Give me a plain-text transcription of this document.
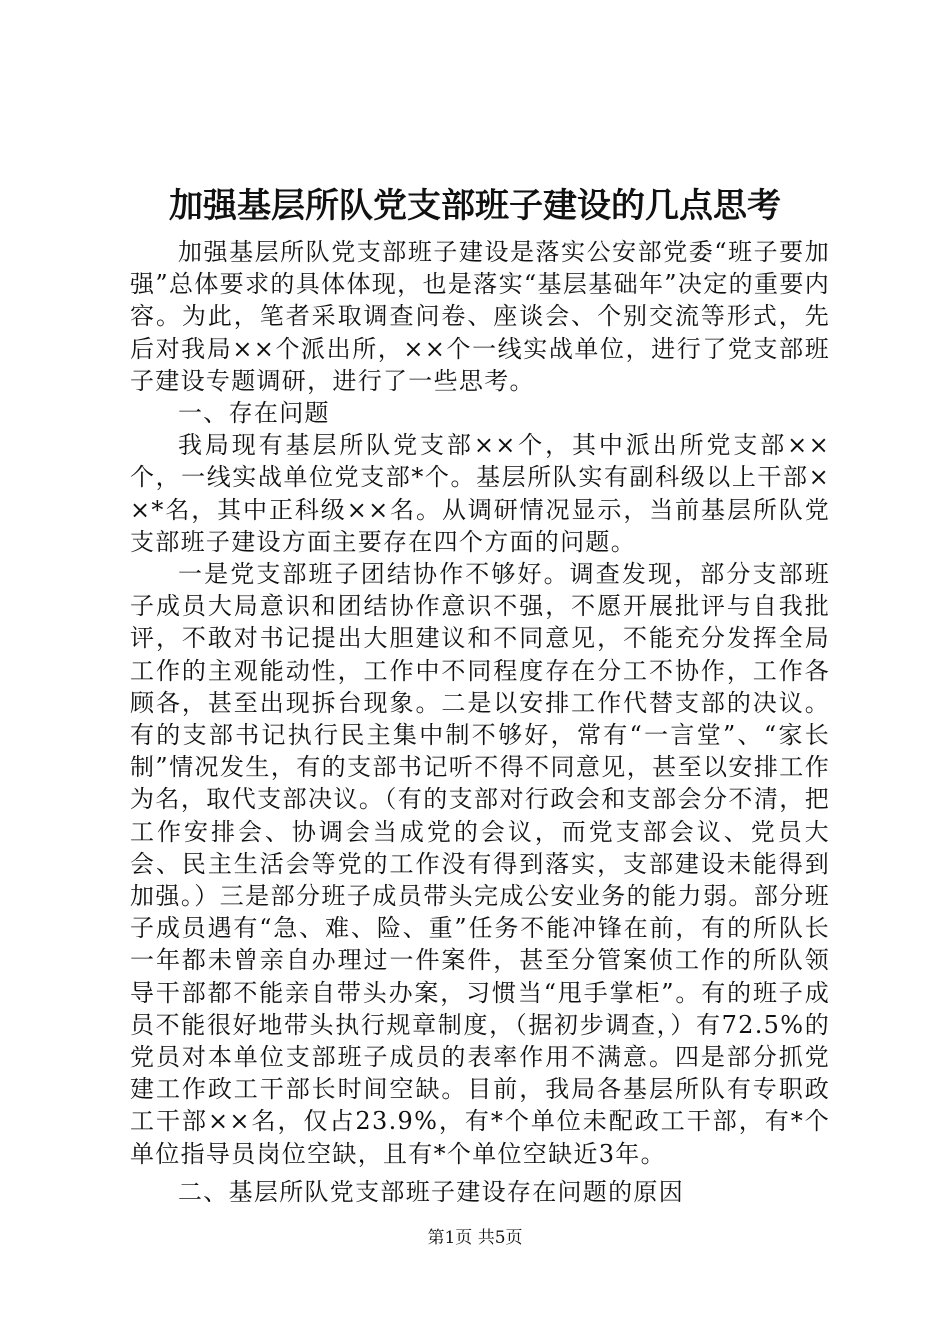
加强基层所队党支部班子建设的几点思考

加强基层所队党支部班子建设是落实公安部党委“班子要加强”总体要求的具体体现，也是落实“基层基础年”决定的重要内容。为此，笔者采取调查问卷、座谈会、个别交流等形式，先后对我局××个派出所，××个一线实战单位，进行了党支部班子建设专题调研，进行了一些思考。

一、存在问题

我局现有基层所队党支部××个，其中派出所党支部××个，一线实战单位党支部*个。基层所队实有副科级以上干部××*名，其中正科级××名。从调研情况显示，当前基层所队党支部班子建设方面主要存在四个方面的问题。

一是党支部班子团结协作不够好。调查发现，部分支部班子成员大局意识和团结协作意识不强，不愿开展批评与自我批评，不敢对书记提出大胆建议和不同意见，不能充分发挥全局工作的主观能动性，工作中不同程度存在分工不协作，工作各顾各，甚至出现拆台现象。二是以安排工作代替支部的决议。有的支部书记执行民主集中制不够好，常有“一言堂”、“家长制”情况发生，有的支部书记听不得不同意见，甚至以安排工作为名，取代支部决议。（有的支部对行政会和支部会分不清，把工作安排会、协调会当成党的会议，而党支部会议、党员大会、民主生活会等党的工作没有得到落实，支部建设未能得到加强。）三是部分班子成员带头完成公安业务的能力弱。部分班子成员遇有“急、难、险、重”任务不能冲锋在前，有的所队长一年都未曾亲自办理过一件案件，甚至分管案侦工作的所队领导干部都不能亲自带头办案，习惯当“甩手掌柜”。有的班子成员不能很好地带头执行规章制度，（据初步调查，）有72.5%的党员对本单位支部班子成员的表率作用不满意。四是部分抓党建工作政工干部长时间空缺。目前，我局各基层所队有专职政工干部××名，仅占23.9%，有*个单位未配政工干部，有*个单位指导员岗位空缺，且有*个单位空缺近3年。

二、基层所队党支部班子建设存在问题的原因

第1页 共5页
